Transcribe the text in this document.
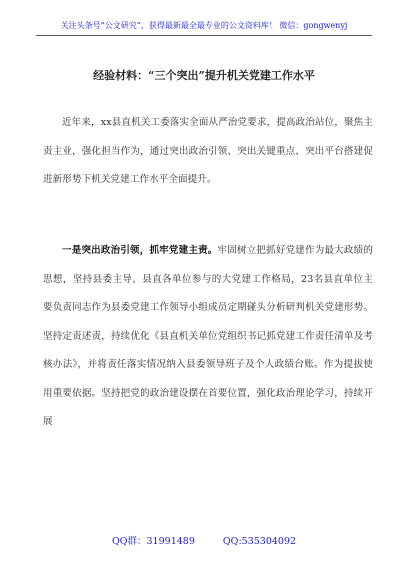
关注头条号“公文研究”，获得最新最全最专业的公文资料库！ 微信：gongwenyj
经验材料：“三个突出”提升机关党建工作水平

近年来，xx县直机关工委落实全面从严治党要求，提高政治站位，聚焦主责主业，强化担当作为，通过突出政治引领、突出关键重点、突出平台搭建促进新形势下机关党建工作水平全面提升。

一是突出政治引领，抓牢党建主责。牢固树立把抓好党建作为最大政绩的思想，坚持县委主导，县直各单位参与的大党建工作格局，23名县直单位主要负责同志作为县委党建工作领导小组成员定期碰头分析研判机关党建形势。坚持定责述责，持续优化《县直机关单位党组织书记抓党建工作责任清单及考核办法》，并将责任落实情况纳入县委领导班子及个人政绩台账。作为提拔使用重要依据。坚持把党的政治建设摆在首要位置，强化政治理论学习，持续开展

QQ群：31991489	QQ:535304092
